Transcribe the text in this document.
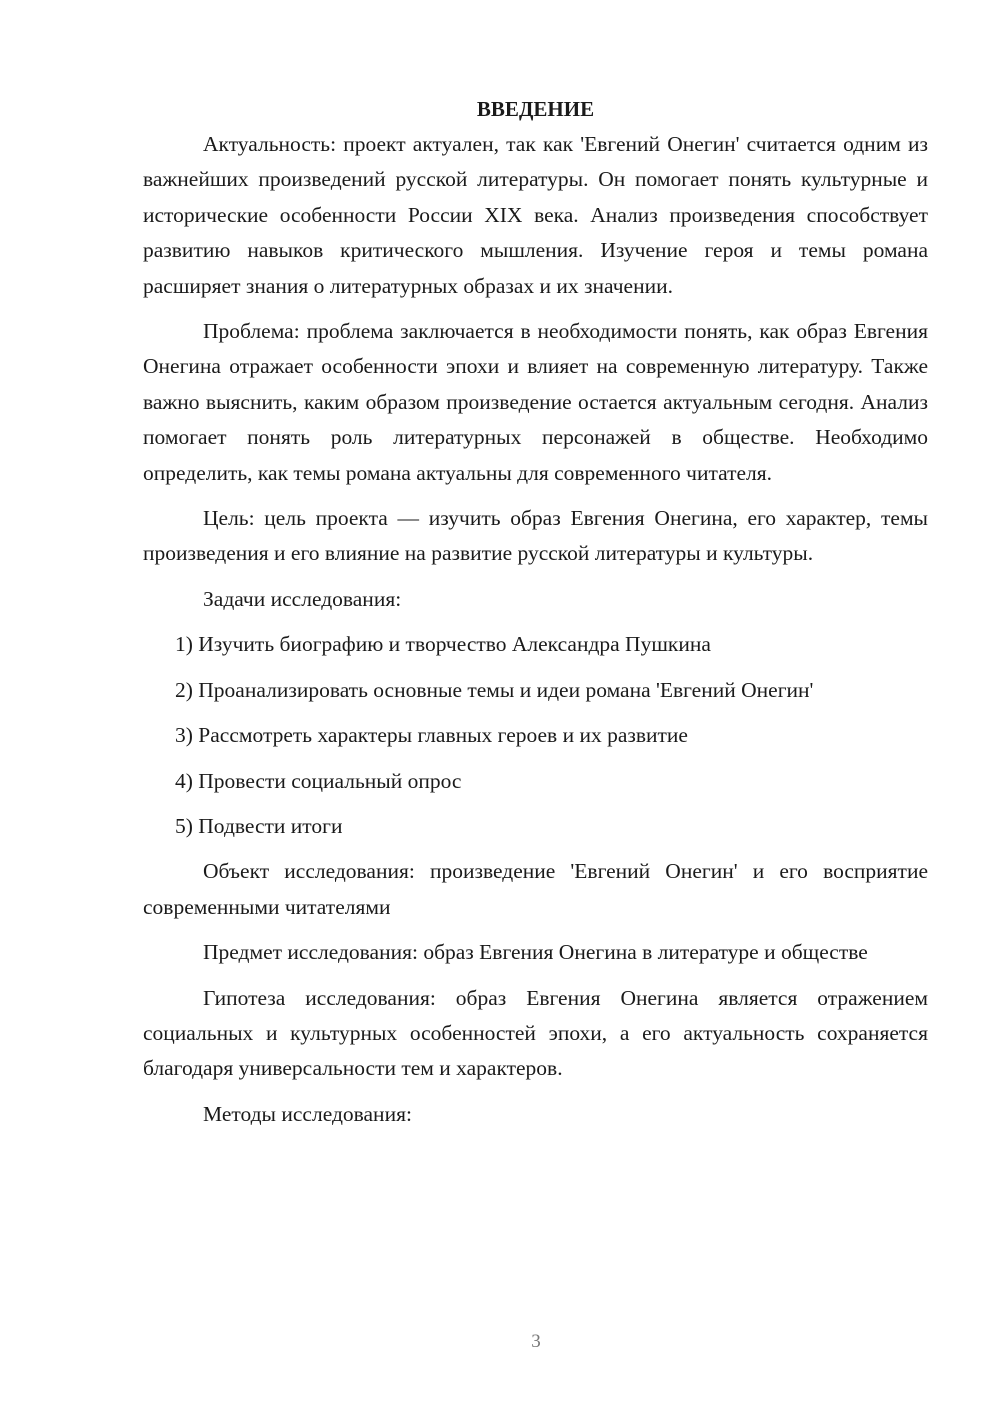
ВВЕДЕНИЕ

Актуальность: проект актуален, так как 'Евгений Онегин' считается одним из важнейших произведений русской литературы. Он помогает понять культурные и исторические особенности России XIX века. Анализ произведения способствует развитию навыков критического мышления. Изучение героя и темы романа расширяет знания о литературных образах и их значении.

Проблема: проблема заключается в необходимости понять, как образ Евгения Онегина отражает особенности эпохи и влияет на современную литературу. Также важно выяснить, каким образом произведение остается актуальным сегодня. Анализ помогает понять роль литературных персонажей в обществе. Необходимо определить, как темы романа актуальны для современного читателя.

Цель: цель проекта — изучить образ Евгения Онегина, его характер, темы произведения и его влияние на развитие русской литературы и культуры.

Задачи исследования:

1) Изучить биографию и творчество Александра Пушкина
2) Проанализировать основные темы и идеи романа 'Евгений Онегин'
3) Рассмотреть характеры главных героев и их развитие
4) Провести социальный опрос
5) Подвести итоги

Объект исследования: произведение 'Евгений Онегин' и его восприятие современными читателями

Предмет исследования: образ Евгения Онегина в литературе и обществе

Гипотеза исследования: образ Евгения Онегина является отражением социальных и культурных особенностей эпохи, а его актуальность сохраняется благодаря универсальности тем и характеров.

Методы исследования:

3
